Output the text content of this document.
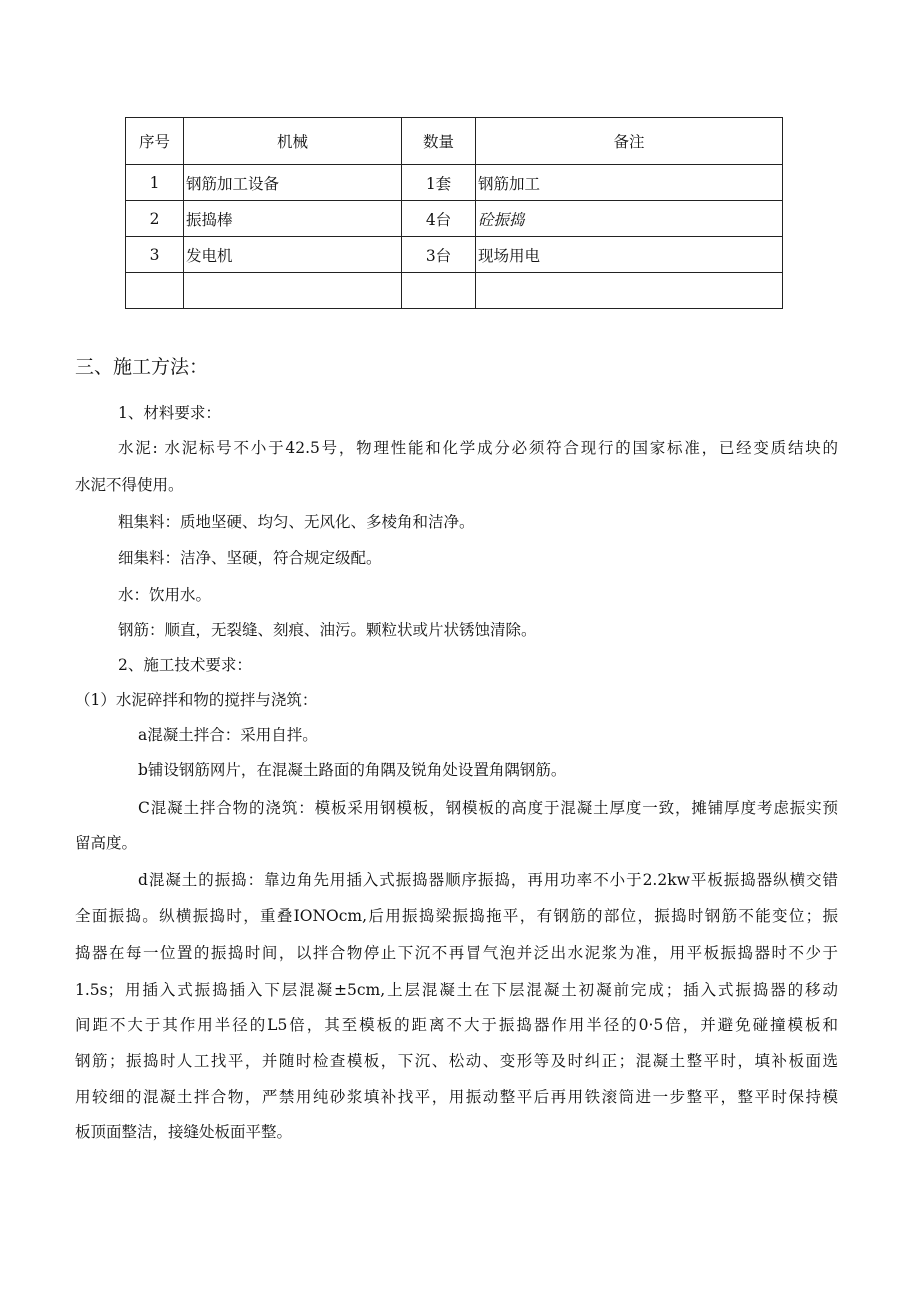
序号	机械	数量	备注
1	钢筋加工设备	1套	钢筋加工
2	振捣棒	4台	砼振捣
3	发电机	3台	现场用电

三、施工方法：
1、材料要求：
水泥: 水泥标号不小于42.5号，物理性能和化学成分必须符合现行的国家标准，已经变质结块的
水泥不得使用。
粗集料：质地坚硬、均匀、无风化、多棱角和洁净。
细集料：洁净、坚硬，符合规定级配。
水：饮用水。
钢筋：顺直，无裂缝、刻痕、油污。颗粒状或片状锈蚀清除。
2、施工技术要求：
（1）水泥碎拌和物的搅拌与浇筑：
a混凝土拌合：采用自拌。
b铺设钢筋网片，在混凝土路面的角隅及锐角处设置角隅钢筋。
C混凝土拌合物的浇筑：模板采用钢模板，钢模板的高度于混凝土厚度一致，摊铺厚度考虑振实预
留高度。
d混凝土的振捣：靠边角先用插入式振捣器顺序振捣，再用功率不小于2.2kw平板振捣器纵横交错
全面振捣。纵横振捣时，重叠IONOcm,后用振捣梁振捣拖平，有钢筋的部位，振捣时钢筋不能变位；振
捣器在每一位置的振捣时间，以拌合物停止下沉不再冒气泡并泛出水泥浆为准，用平板振捣器时不少于
1.5s；用插入式振捣插入下层混凝±5cm,上层混凝土在下层混凝土初凝前完成；插入式振捣器的移动
间距不大于其作用半径的L5倍，其至模板的距离不大于振捣器作用半径的0·5倍，并避免碰撞模板和
钢筋；振捣时人工找平，并随时检查模板，下沉、松动、变形等及时纠正；混凝土整平时，填补板面选
用较细的混凝土拌合物，严禁用纯砂浆填补找平，用振动整平后再用铁滚筒进一步整平，整平时保持模
板顶面整洁，接缝处板面平整。
